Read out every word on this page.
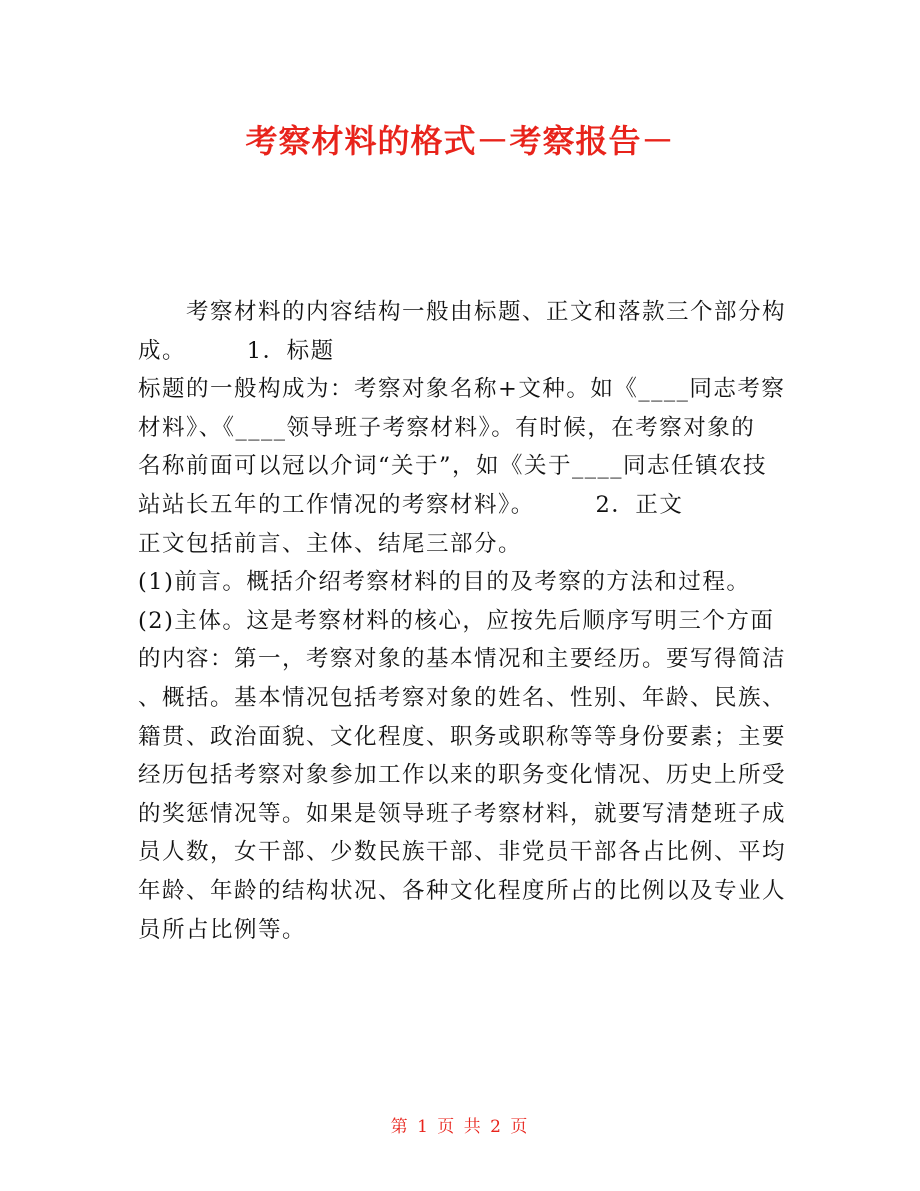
考察材料的格式－考察报告－
　　考察材料的内容结构一般由标题、正文和落款三个部分构
成。　　　1．标题
标题的一般构成为：考察对象名称+文种。如《____同志考察
材料》、《____领导班子考察材料》。有时候，在考察对象的
名称前面可以冠以介词“关于”，如《关于____同志任镇农技
站站长五年的工作情况的考察材料》。　　　2．正文
正文包括前言、主体、结尾三部分。
(1)前言。概括介绍考察材料的目的及考察的方法和过程。
(2)主体。这是考察材料的核心，应按先后顺序写明三个方面
的内容：第一，考察对象的基本情况和主要经历。要写得简洁
、概括。基本情况包括考察对象的姓名、性别、年龄、民族、
籍贯、政治面貌、文化程度、职务或职称等等身份要素；主要
经历包括考察对象参加工作以来的职务变化情况、历史上所受
的奖惩情况等。如果是领导班子考察材料，就要写清楚班子成
员人数，女干部、少数民族干部、非党员干部各占比例、平均
年龄、年龄的结构状况、各种文化程度所占的比例以及专业人
员所占比例等。
第 1 页 共 2 页
